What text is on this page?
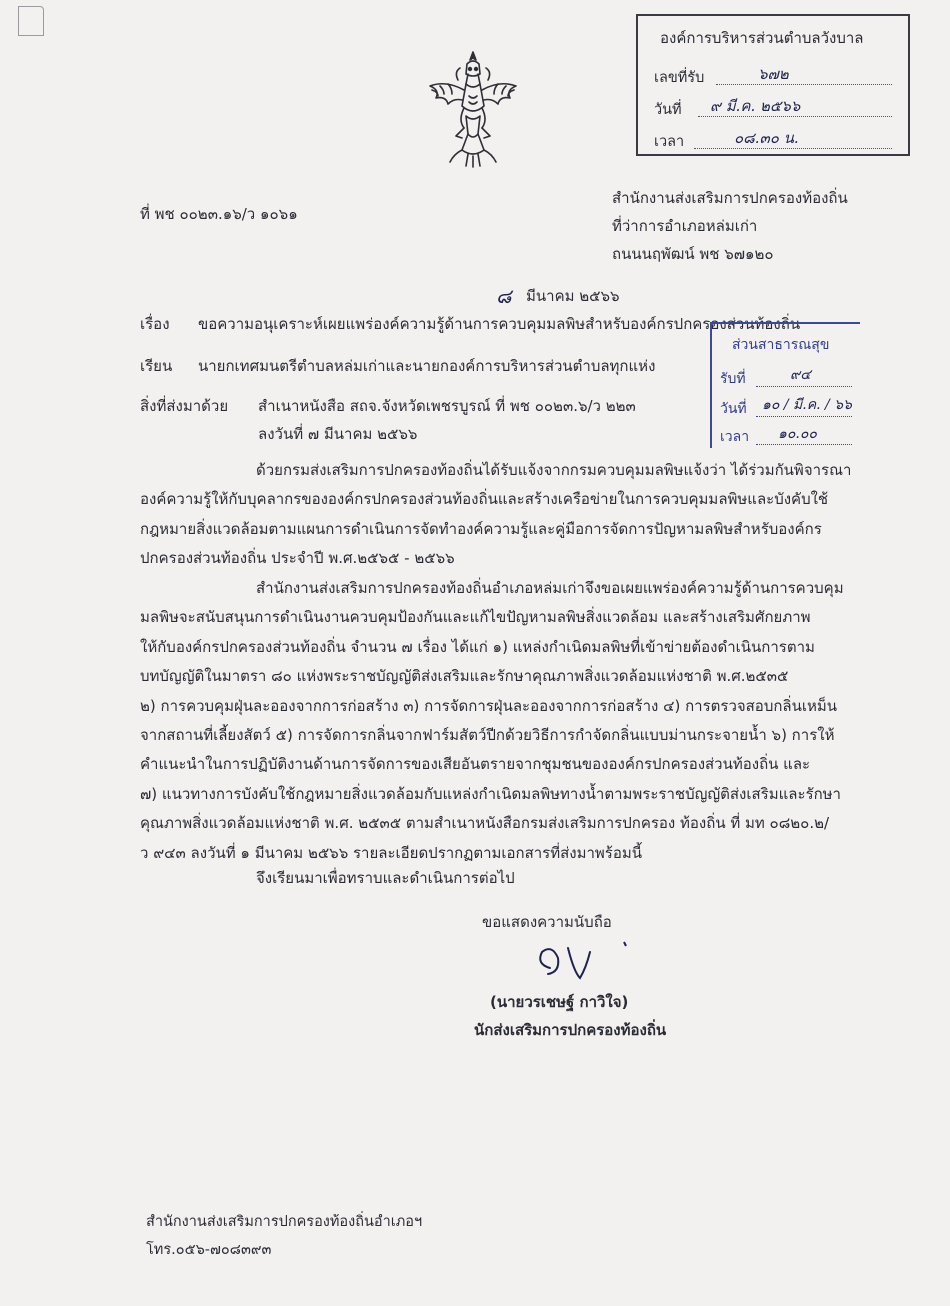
องค์การบริหารส่วนตำบลวังบาล
เลขที่รับ	๖๗๒
วันที่ ๙ มี.ค. ๒๕๖๖
เวลา	๐๘.๓๐ น.
สำนักงานส่งเสริมการปกครองท้องถิ่น
ที่ว่าการอำเภอหล่มเก่า
ถนนนฤพัฒน์ พช ๖๗๑๒๐
ที่ พช ๐๐๒๓.๑๖/ว ๑๐๖๑
๘ มีนาคม ๒๕๖๖
เรื่อง ขอความอนุเคราะห์เผยแพร่องค์ความรู้ด้านการควบคุมมลพิษสำหรับองค์กรปกครองส่วนท้องถิ่น
เรียน นายกเทศมนตรีตำบลหล่มเก่าและนายกองค์การบริหารส่วนตำบลทุกแห่ง
สิ่งที่ส่งมาด้วย สำเนาหนังสือ สถจ.จังหวัดเพชรบูรณ์ ที่ พช ๐๐๒๓.๖/ว ๒๒๓
ลงวันที่ ๗ มีนาคม ๒๕๖๖
ส่วนสาธารณสุข
รับที่	๙๔
วันที่ ๑๐ / มี.ค. / ๖๖
เวลา ๑๐.๐๐
ด้วยกรมส่งเสริมการปกครองท้องถิ่นได้รับแจ้งจากกรมควบคุมมลพิษแจ้งว่า ได้ร่วมกันพิจารณา
องค์ความรู้ให้กับบุคลากรขององค์กรปกครองส่วนท้องถิ่นและสร้างเครือข่ายในการควบคุมมลพิษและบังคับใช้
กฎหมายสิ่งแวดล้อมตามแผนการดำเนินการจัดทำองค์ความรู้และคู่มือการจัดการปัญหามลพิษสำหรับองค์กร
ปกครองส่วนท้องถิ่น ประจำปี พ.ศ.๒๕๖๕ - ๒๕๖๖
สำนักงานส่งเสริมการปกครองท้องถิ่นอำเภอหล่มเก่าจึงขอเผยแพร่องค์ความรู้ด้านการควบคุม
มลพิษจะสนับสนุนการดำเนินงานควบคุมป้องกันและแก้ไขปัญหามลพิษสิ่งแวดล้อม และสร้างเสริมศักยภาพ
ให้กับองค์กรปกครองส่วนท้องถิ่น จำนวน ๗ เรื่อง ได้แก่ ๑) แหล่งกำเนิดมลพิษที่เข้าข่ายต้องดำเนินการตาม
บทบัญญัติในมาตรา ๘๐ แห่งพระราชบัญญัติส่งเสริมและรักษาคุณภาพสิ่งแวดล้อมแห่งชาติ พ.ศ.๒๕๓๕
๒) การควบคุมฝุ่นละอองจากการก่อสร้าง ๓) การจัดการฝุ่นละอองจากการก่อสร้าง ๔) การตรวจสอบกลิ่นเหม็น
จากสถานที่เลี้ยงสัตว์ ๕) การจัดการกลิ่นจากฟาร์มสัตว์ปีกด้วยวิธีการกำจัดกลิ่นแบบม่านกระจายน้ำ ๖) การให้
คำแนะนำในการปฏิบัติงานด้านการจัดการของเสียอันตรายจากชุมชนขององค์กรปกครองส่วนท้องถิ่น และ
๗) แนวทางการบังคับใช้กฎหมายสิ่งแวดล้อมกับแหล่งกำเนิดมลพิษทางน้ำตามพระราชบัญญัติส่งเสริมและรักษา
คุณภาพสิ่งแวดล้อมแห่งชาติ พ.ศ. ๒๕๓๕ ตามสำเนาหนังสือกรมส่งเสริมการปกครอง ท้องถิ่น ที่ มท ๐๘๒๐.๒/
ว ๙๔๓ ลงวันที่ ๑ มีนาคม ๒๕๖๖ รายละเอียดปรากฏตามเอกสารที่ส่งมาพร้อมนี้
จึงเรียนมาเพื่อทราบและดำเนินการต่อไป
ขอแสดงความนับถือ
(นายวรเชษฐ์ กาวิใจ)
นักส่งเสริมการปกครองท้องถิ่น
สำนักงานส่งเสริมการปกครองท้องถิ่นอำเภอฯ
โทร.๐๕๖-๗๐๘๓๙๓
